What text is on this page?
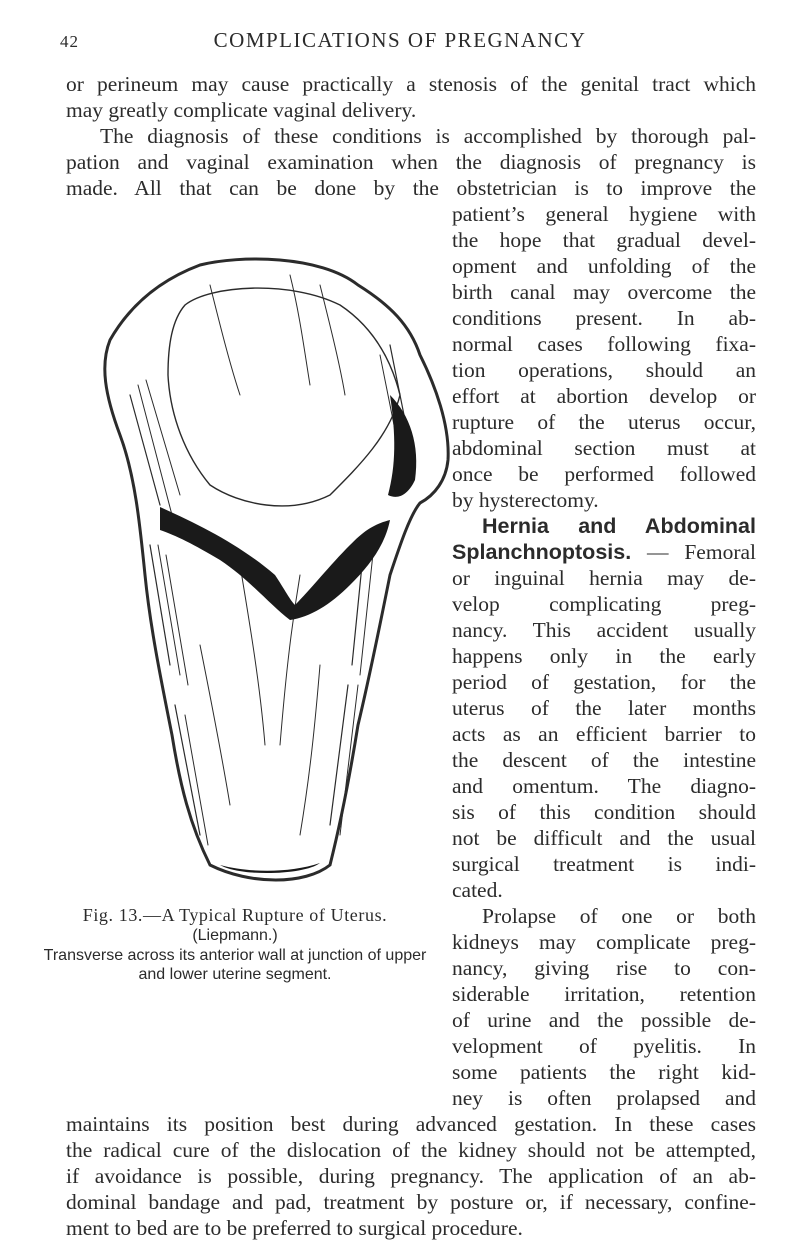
42	COMPLICATIONS OF PREGNANCY
or perineum may cause practically a stenosis of the genital tract which
may greatly complicate vaginal delivery.
The diagnosis of these conditions is accomplished by thorough pal-
pation and vaginal examination when the diagnosis of pregnancy is
made. All that can be done by the obstetrician is to improve the
patient’s general hygiene with
the hope that gradual devel-
opment and unfolding of the
birth canal may overcome the
conditions present. In ab-
normal cases following fixa-
tion operations, should an
effort at abortion develop or
rupture of the uterus occur,
abdominal section must at
once be performed followed
by hysterectomy.
Hernia and Abdominal
Splanchnoptosis. — Femoral
or inguinal hernia may de-
velop complicating preg-
nancy. This accident usually
happens only in the early
period of gestation, for the
uterus of the later months
acts as an efficient barrier to
the descent of the intestine
and omentum. The diagno-
sis of this condition should
not be difficult and the usual
surgical treatment is indi-
cated.
Prolapse of one or both
kidneys may complicate preg-
nancy, giving rise to con-
siderable irritation, retention
of urine and the possible de-
velopment of pyelitis. In
some patients the right kid-
ney is often prolapsed and
maintains its position best during advanced gestation. In these cases
the radical cure of the dislocation of the kidney should not be attempted,
if avoidance is possible, during pregnancy. The application of an ab-
dominal bandage and pad, treatment by posture or, if necessary, confine-
ment to bed are to be preferred to surgical procedure.
Fig. 13.—A Typical Rupture of Uterus.
(Liepmann.)
Transverse across its anterior wall at junction of upper
and lower uterine segment.
